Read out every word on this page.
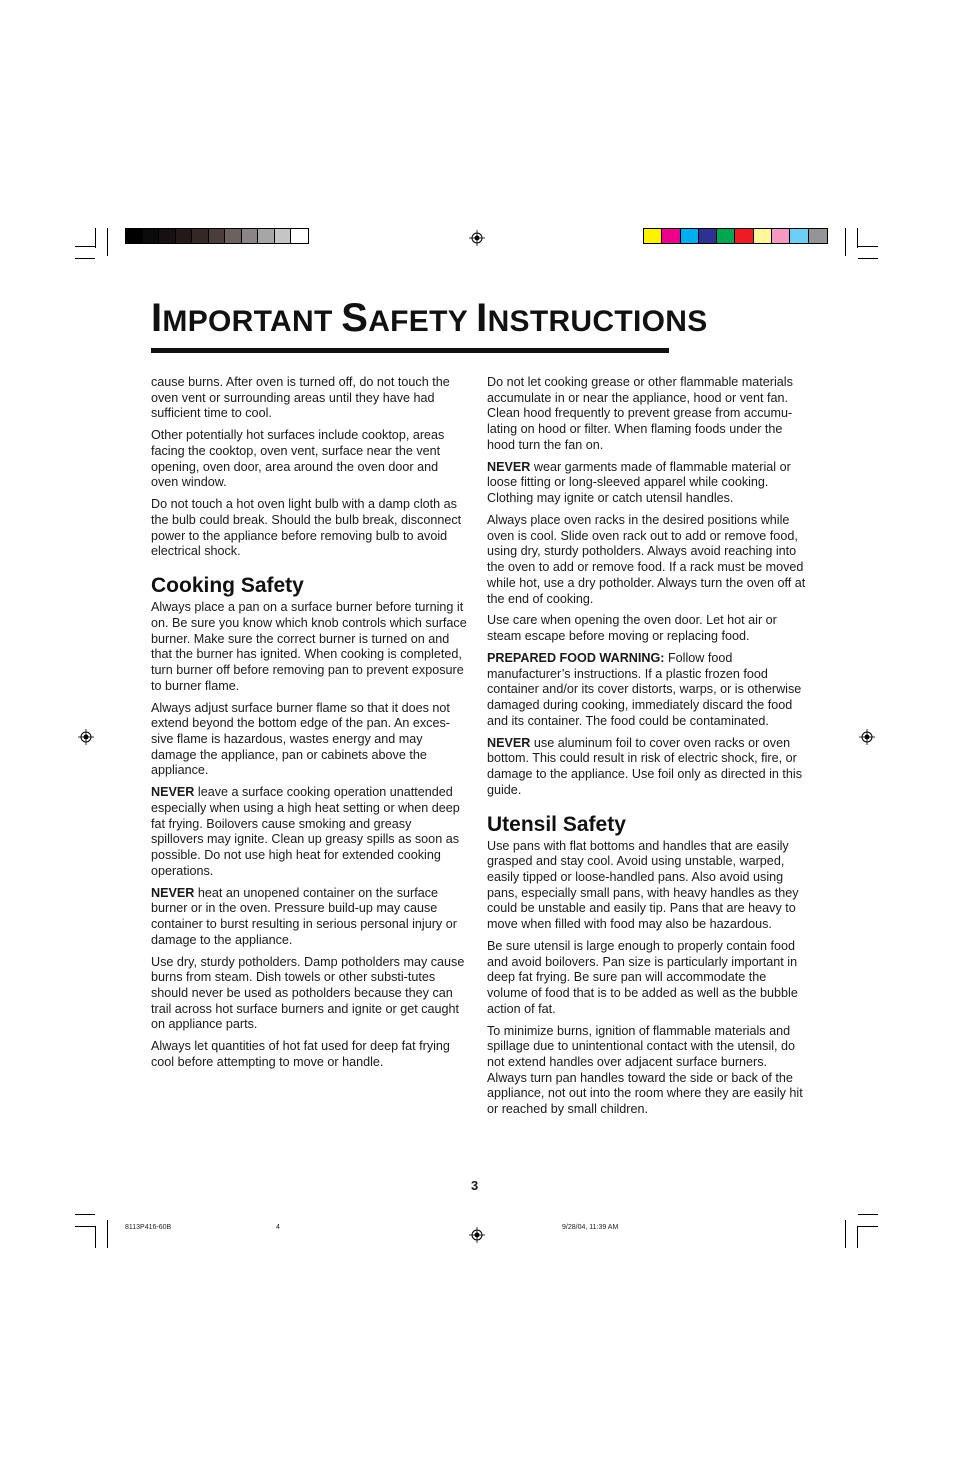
IMPORTANT SAFETY INSTRUCTIONS

cause burns. After oven is turned off, do not touch the oven vent or surrounding areas until they have had sufficient time to cool.

Other potentially hot surfaces include cooktop, areas facing the cooktop, oven vent, surface near the vent opening, oven door, area around the oven door and oven window.

Do not touch a hot oven light bulb with a damp cloth as the bulb could break. Should the bulb break, disconnect power to the appliance before removing bulb to avoid electrical shock.

Cooking Safety

Always place a pan on a surface burner before turning it on. Be sure you know which knob controls which surface burner. Make sure the correct burner is turned on and that the burner has ignited. When cooking is completed, turn burner off before removing pan to prevent exposure to burner flame.

Always adjust surface burner flame so that it does not extend beyond the bottom edge of the pan. An exces-sive flame is hazardous, wastes energy and may damage the appliance, pan or cabinets above the appliance.

NEVER leave a surface cooking operation unattended especially when using a high heat setting or when deep fat frying. Boilovers cause smoking and greasy spillovers may ignite. Clean up greasy spills as soon as possible. Do not use high heat for extended cooking operations.

NEVER heat an unopened container on the surface burner or in the oven. Pressure build-up may cause container to burst resulting in serious personal injury or damage to the appliance.

Use dry, sturdy potholders. Damp potholders may cause burns from steam. Dish towels or other substi-tutes should never be used as potholders because they can trail across hot surface burners and ignite or get caught on appliance parts.

Always let quantities of hot fat used for deep fat frying cool before attempting to move or handle.

Do not let cooking grease or other flammable materials accumulate in or near the appliance, hood or vent fan. Clean hood frequently to prevent grease from accumu-lating on hood or filter. When flaming foods under the hood turn the fan on.

NEVER wear garments made of flammable material or loose fitting or long-sleeved apparel while cooking. Clothing may ignite or catch utensil handles.

Always place oven racks in the desired positions while oven is cool. Slide oven rack out to add or remove food, using dry, sturdy potholders. Always avoid reaching into the oven to add or remove food. If a rack must be moved while hot, use a dry potholder. Always turn the oven off at the end of cooking.

Use care when opening the oven door. Let hot air or steam escape before moving or replacing food.

PREPARED FOOD WARNING: Follow food manufacturer’s instructions. If a plastic frozen food container and/or its cover distorts, warps, or is otherwise damaged during cooking, immediately discard the food and its container. The food could be contaminated.

NEVER use aluminum foil to cover oven racks or oven bottom. This could result in risk of electric shock, fire, or damage to the appliance. Use foil only as directed in this guide.

Utensil Safety

Use pans with flat bottoms and handles that are easily grasped and stay cool. Avoid using unstable, warped, easily tipped or loose-handled pans. Also avoid using pans, especially small pans, with heavy handles as they could be unstable and easily tip. Pans that are heavy to move when filled with food may also be hazardous.

Be sure utensil is large enough to properly contain food and avoid boilovers. Pan size is particularly important in deep fat frying. Be sure pan will accommodate the volume of food that is to be added as well as the bubble action of fat.

To minimize burns, ignition of flammable materials and spillage due to unintentional contact with the utensil, do not extend handles over adjacent surface burners. Always turn pan handles toward the side or back of the appliance, not out into the room where they are easily hit or reached by small children.

3
8113P416-60B	4	9/28/04, 11:39 AM
